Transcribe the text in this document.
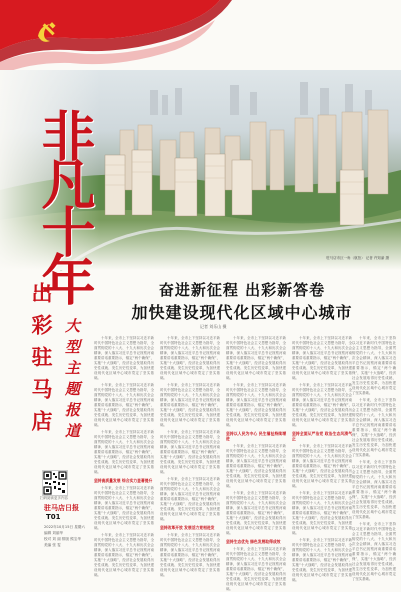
非凡十年	驻马店市区一角（航拍） 记者 许知渝 摄
奋进新征程 出彩新答卷
加快建设现代化区域中心城市
记者 刘乐山 摄
出彩驻马店 大型主题报道
扫码阅读更多内容
驻马店日报
T01
2022年10月15日 星期六
编辑 刘丽华
校对 刘 丽 排版 熊宝华
美编 张 雯

十年来，全市上下坚持以习近平新时代中国特色社会主义思想为指导，全面贯彻党的十八大、十九大和历次全会精神，深入落实习近平总书记视察河南重要讲话重要指示，锚定“两个确保”，实施“十大战略”，经济社会发展取得历史性成就、发生历史性变革，为加快建设现代化区域中心城市奠定了坚实基础。

十年来，全市上下坚持以习近平新时代中国特色社会主义思想为指导，全面贯彻党的十八大、十九大和历次全会精神，深入落实习近平总书记视察河南重要讲话重要指示，锚定“两个确保”，实施“十大战略”，经济社会发展取得历史性成就、发生历史性变革，为加快建设现代化区域中心城市奠定了坚实基础。

十年来，全市上下坚持以习近平新时代中国特色社会主义思想为指导，全面贯彻党的十八大、十九大和历次全会精神，深入落实习近平总书记视察河南重要讲话重要指示，锚定“两个确保”，实施“十大战略”，经济社会发展取得历史性成就、发生历史性变革，为加快建设现代化区域中心城市奠定了坚实基础。

坚持高质量发展 综合实力显著提升

十年来，全市上下坚持以习近平新时代中国特色社会主义思想为指导，全面贯彻党的十八大、十九大和历次全会精神，深入落实习近平总书记视察河南重要讲话重要指示，锚定“两个确保”，实施“十大战略”，经济社会发展取得历史性成就、发生历史性变革，为加快建设现代化区域中心城市奠定了坚实基础。

十年来，全市上下坚持以习近平新时代中国特色社会主义思想为指导，全面贯彻党的十八大、十九大和历次全会精神，深入落实习近平总书记视察河南重要讲话重要指示，锚定“两个确保”，实施“十大战略”，经济社会发展取得历史性成就、发生历史性变革，为加快建设现代化区域中心城市奠定了坚实基础。

十年来，全市上下坚持以习近平新时代中国特色社会主义思想为指导，全面贯彻党的十八大、十九大和历次全会精神，深入落实习近平总书记视察河南重要讲话重要指示，锚定“两个确保”，实施“十大战略”，经济社会发展取得历史性成就、发生历史性变革，为加快建设现代化区域中心城市奠定了坚实基础。

十年来，全市上下坚持以习近平新时代中国特色社会主义思想为指导，全面贯彻党的十八大、十九大和历次全会精神，深入落实习近平总书记视察河南重要讲话重要指示，锚定“两个确保”，实施“十大战略”，经济社会发展取得历史性成就、发生历史性变革，为加快建设现代化区域中心城市奠定了坚实基础。

十年来，全市上下坚持以习近平新时代中国特色社会主义思想为指导，全面贯彻党的十八大、十九大和历次全会精神，深入落实习近平总书记视察河南重要讲话重要指示，锚定“两个确保”，实施“十大战略”，经济社会发展取得历史性成就、发生历史性变革，为加快建设现代化区域中心城市奠定了坚实基础。

十年来，全市上下坚持以习近平新时代中国特色社会主义思想为指导，全面贯彻党的十八大、十九大和历次全会精神，深入落实习近平总书记视察河南重要讲话重要指示，锚定“两个确保”，实施“十大战略”，经济社会发展取得历史性成就、发生历史性变革，为加快建设现代化区域中心城市奠定了坚实基础。

坚持改革开放 发展活力竞相迸发

十年来，全市上下坚持以习近平新时代中国特色社会主义思想为指导，全面贯彻党的十八大、十九大和历次全会精神，深入落实习近平总书记视察河南重要讲话重要指示，锚定“两个确保”，实施“十大战略”，经济社会发展取得历史性成就、发生历史性变革，为加快建设现代化区域中心城市奠定了坚实基础。

十年来，全市上下坚持以习近平新时代中国特色社会主义思想为指导，全面贯彻党的十八大、十九大和历次全会精神，深入落实习近平总书记视察河南重要讲话重要指示，锚定“两个确保”，实施“十大战略”，经济社会发展取得历史性成就、发生历史性变革，为加快建设现代化区域中心城市奠定了坚实基础。

十年来，全市上下坚持以习近平新时代中国特色社会主义思想为指导，全面贯彻党的十八大、十九大和历次全会精神，深入落实习近平总书记视察河南重要讲话重要指示，锚定“两个确保”，实施“十大战略”，经济社会发展取得历史性成就、发生历史性变革，为加快建设现代化区域中心城市奠定了坚实基础。

坚持以人民为中心 民生福祉持续增进

十年来，全市上下坚持以习近平新时代中国特色社会主义思想为指导，全面贯彻党的十八大、十九大和历次全会精神，深入落实习近平总书记视察河南重要讲话重要指示，锚定“两个确保”，实施“十大战略”，经济社会发展取得历史性成就、发生历史性变革，为加快建设现代化区域中心城市奠定了坚实基础。

十年来，全市上下坚持以习近平新时代中国特色社会主义思想为指导，全面贯彻党的十八大、十九大和历次全会精神，深入落实习近平总书记视察河南重要讲话重要指示，锚定“两个确保”，实施“十大战略”，经济社会发展取得历史性成就、发生历史性变革，为加快建设现代化区域中心城市奠定了坚实基础。

坚持生态优先 绿色发展取得成效

十年来，全市上下坚持以习近平新时代中国特色社会主义思想为指导，全面贯彻党的十八大、十九大和历次全会精神，深入落实习近平总书记视察河南重要讲话重要指示，锚定“两个确保”，实施“十大战略”，经济社会发展取得历史性成就、发生历史性变革，为加快建设现代化区域中心城市奠定了坚实基础。

十年来，全市上下坚持以习近平新时代中国特色社会主义思想为指导，全面贯彻党的十八大、十九大和历次全会精神，深入落实习近平总书记视察河南重要讲话重要指示，锚定“两个确保”，实施“十大战略”，经济社会发展取得历史性成就、发生历史性变革，为加快建设现代化区域中心城市奠定了坚实基础。

十年来，全市上下坚持以习近平新时代中国特色社会主义思想为指导，全面贯彻党的十八大、十九大和历次全会精神，深入落实习近平总书记视察河南重要讲话重要指示，锚定“两个确保”，实施“十大战略”，经济社会发展取得历史性成就、发生历史性变革，为加快建设现代化区域中心城市奠定了坚实基础。

坚持全面从严治党 政治生态风清气正

十年来，全市上下坚持以习近平新时代中国特色社会主义思想为指导，全面贯彻党的十八大、十九大和历次全会精神，深入落实习近平总书记视察河南重要讲话重要指示，锚定“两个确保”，实施“十大战略”，经济社会发展取得历史性成就、发生历史性变革，为加快建设现代化区域中心城市奠定了坚实基础。

十年来，全市上下坚持以习近平新时代中国特色社会主义思想为指导，全面贯彻党的十八大、十九大和历次全会精神，深入落实习近平总书记视察河南重要讲话重要指示，锚定“两个确保”，实施“十大战略”，经济社会发展取得历史性成就、发生历史性变革，为加快建设现代化区域中心城市奠定了坚实基础。

十年来，全市上下坚持以习近平新时代中国特色社会主义思想为指导，全面贯彻党的十八大、十九大和历次全会精神，深入落实习近平总书记视察河南重要讲话重要指示，锚定“两个确保”，实施“十大战略”，经济社会发展取得历史性成就、发生历史性变革，为加快建设现代化区域中心城市奠定了坚实基础。

十年来，全市上下坚持以习近平新时代中国特色社会主义思想为指导，全面贯彻党的十八大、十九大和历次全会精神，深入落实习近平总书记视察河南重要讲话重要指示，锚定“两个确保”，实施“十大战略”，经济社会发展取得历史性成就、发生历史性变革，为加快建设现代化区域中心城市奠定了坚实基础。

十年来，全市上下坚持以习近平新时代中国特色社会主义思想为指导，全面贯彻党的十八大、十九大和历次全会精神，深入落实习近平总书记视察河南重要讲话重要指示，锚定“两个确保”，实施“十大战略”，经济社会发展取得历史性成就、发生历史性变革，为加快建设现代化区域中心城市奠定了坚实基础。

十年来，全市上下坚持以习近平新时代中国特色社会主义思想为指导，全面贯彻党的十八大、十九大和历次全会精神，深入落实习近平总书记视察河南重要讲话重要指示，锚定“两个确保”，实施“十大战略”，经济社会发展取得历史性成就、发生历史性变革，为加快建设现代化区域中心城市奠定了坚实基础。

十年来，全市上下坚持以习近平新时代中国特色社会主义思想为指导，全面贯彻党的十八大、十九大和历次全会精神，深入落实习近平总书记视察河南重要讲话重要指示，锚定“两个确保”，实施“十大战略”，经济社会发展取得历史性成就、发生历史性变革，为加快建设现代化区域中心城市奠定了坚实基础。
